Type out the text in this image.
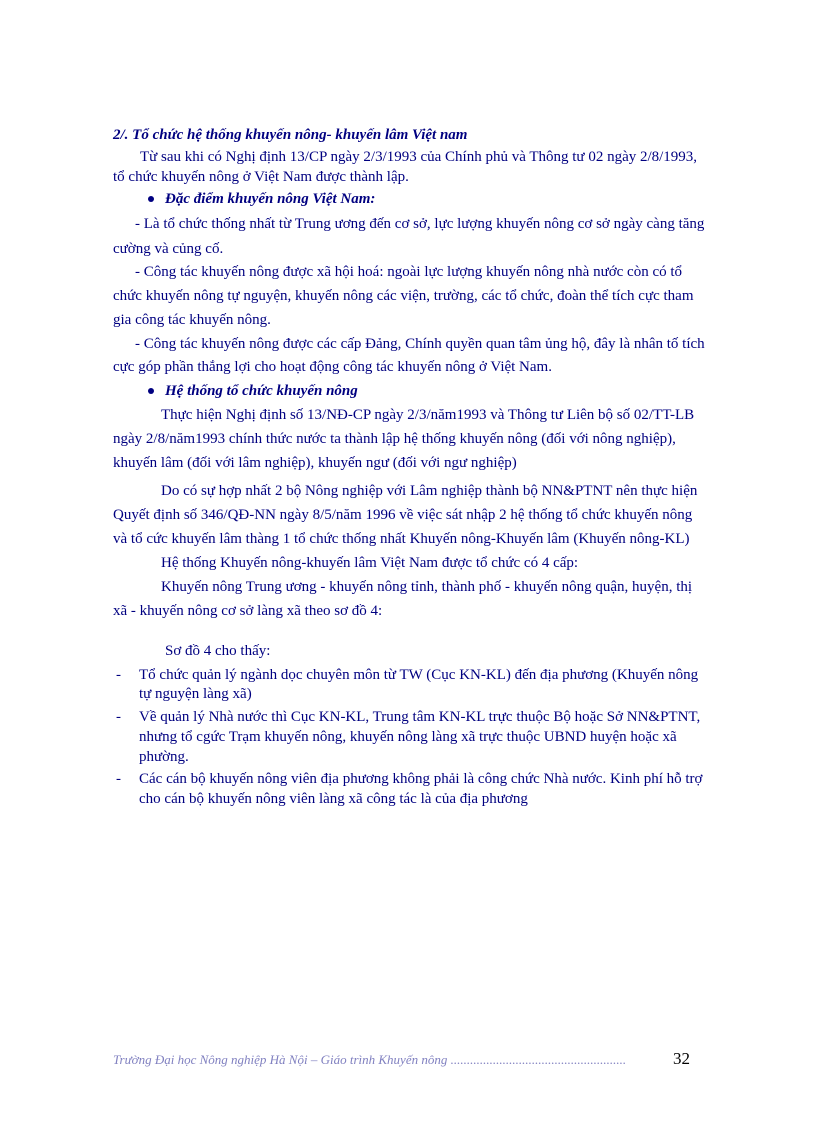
2/. Tổ chức hệ thống khuyến nông- khuyến lâm Việt nam
Từ sau khi có Nghị định 13/CP ngày 2/3/1993 của Chính phủ và Thông tư 02 ngày 2/8/1993,
tổ chức khuyến nông ở Việt Nam được thành lập.
Đặc điểm khuyến nông Việt Nam:
- Là tổ chức thống nhất từ Trung ương đến cơ sở, lực lượng khuyến nông cơ sở ngày càng tăng
cường và củng cố.
- Công tác khuyến nông được xã hội hoá: ngoài lực lượng khuyến nông nhà nước còn có tổ
chức khuyến nông tự nguyện, khuyến nông các viện, trường, các tổ chức, đoàn thể tích cực tham
gia công tác khuyến nông.
- Công tác khuyến nông được các cấp Đảng, Chính quyền quan tâm ủng hộ, đây là nhân tố tích
cực góp phần thắng lợi cho hoạt động công tác khuyến nông ở Việt Nam.
Hệ thống tổ chức khuyến nông
Thực hiện Nghị định số 13/NĐ-CP ngày 2/3/năm1993 và Thông tư Liên bộ số 02/TT-LB
ngày 2/8/năm1993 chính thức nước ta thành lập hệ thống khuyến nông (đối với nông nghiệp),
khuyến lâm (đối với lâm nghiệp), khuyến ngư (đối với ngư nghiệp)
Do có sự hợp nhất 2 bộ Nông nghiệp với Lâm nghiệp thành bộ NN&PTNT nên thực hiện
Quyết định số 346/QĐ-NN ngày 8/5/năm 1996 về việc sát nhập 2 hệ thống tổ chức khuyến nông
và tổ cức khuyến lâm thàng 1 tổ chức thống nhất Khuyến nông-Khuyến lâm (Khuyến nông-KL)
Hệ thống Khuyến nông-khuyến lâm Việt Nam được tổ chức có 4 cấp:
Khuyến nông Trung ương - khuyến nông tỉnh, thành phố - khuyến nông quận, huyện, thị
xã - khuyến nông cơ sở làng xã theo sơ đồ 4:
Sơ đồ 4 cho thấy:
- Tổ chức quản lý ngành dọc chuyên môn từ TW (Cục KN-KL) đến địa phương (Khuyến nông
tự nguyện làng xã)
- Về quản lý Nhà nước thì Cục KN-KL, Trung tâm KN-KL trực thuộc Bộ hoặc Sở NN&PTNT,
nhưng tổ cgức Trạm khuyến nông, khuyến nông làng xã trực thuộc UBND huyện hoặc xã
phường.
- Các cán bộ khuyến nông viên địa phương không phải là công chức Nhà nước. Kinh phí hỗ trợ
cho cán bộ khuyến nông viên làng xã công tác là của địa phương
Trường Đại học Nông nghiệp Hà Nội – Giáo trình Khuyến nông ......................................................	32
